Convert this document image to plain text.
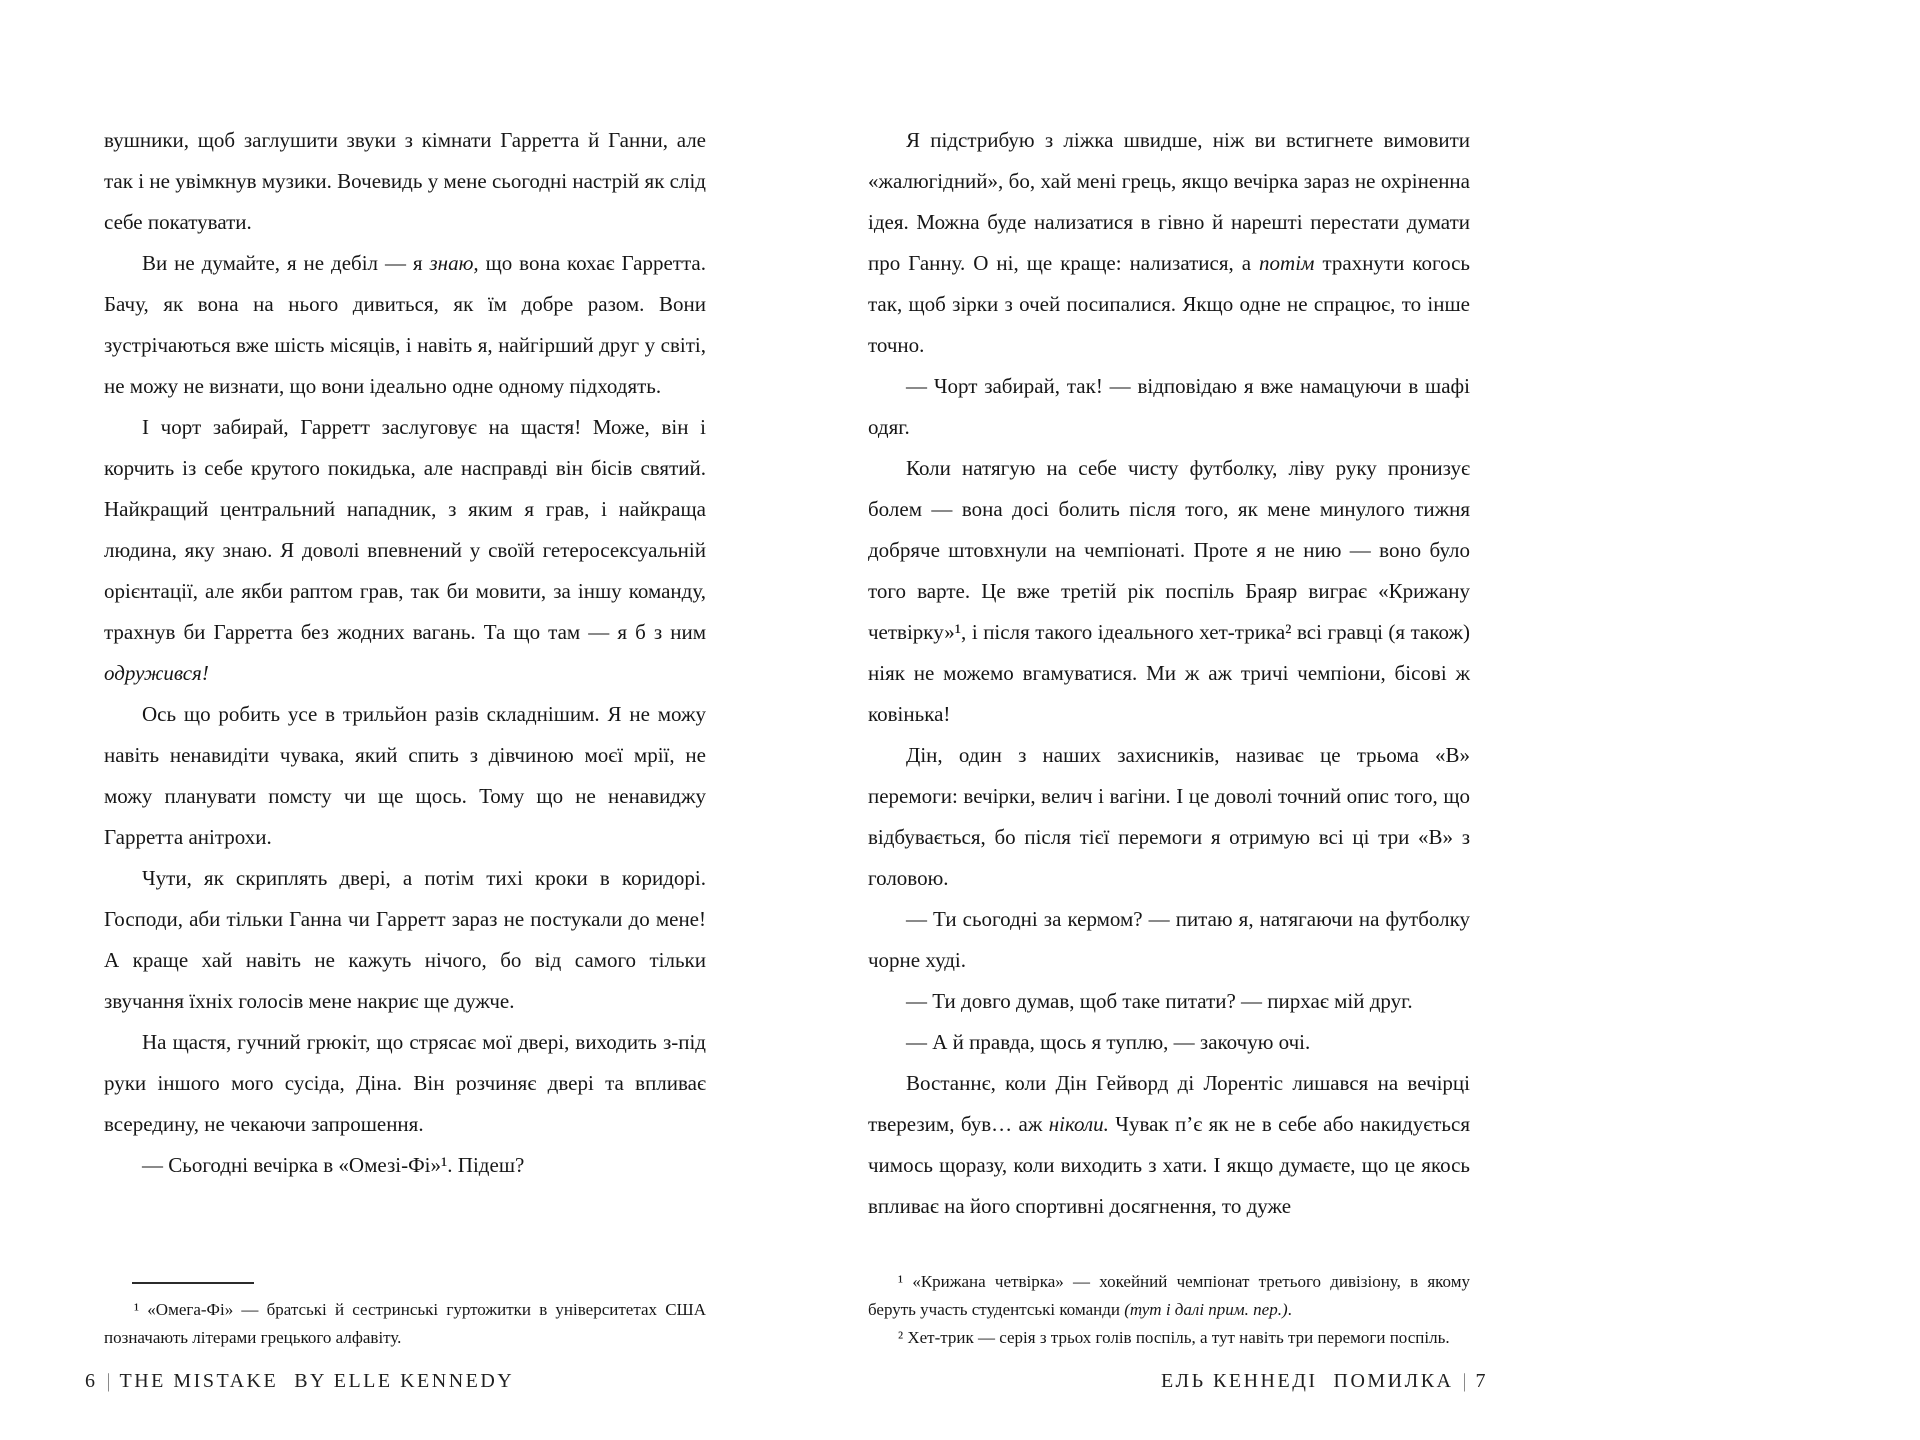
вушники, щоб заглушити звуки з кімнати Гарретта й Ганни, але так і не увімкнув музики. Вочевидь у мене сьогодні настрій як слід себе покатувати.

Ви не думайте, я не дебіл — я знаю, що вона кохає Гарретта. Бачу, як вона на нього дивиться, як їм добре разом. Вони зустрічаються вже шість місяців, і навіть я, найгірший друг у світі, не можу не визнати, що вони ідеально одне одному підходять.

І чорт забирай, Гарретт заслуговує на щастя! Може, він і корчить із себе крутого покидька, але насправді він бісів святий. Найкращий центральний нападник, з яким я грав, і найкраща людина, яку знаю. Я доволі впевнений у своїй гетеросексуальній орієнтації, але якби раптом грав, так би мовити, за іншу команду, трахнув би Гарретта без жодних вагань. Та що там — я б з ним одружився!

Ось що робить усе в трильйон разів складнішим. Я не можу навіть ненавидіти чувака, який спить з дівчиною моєї мрії, не можу планувати помсту чи ще щось. Тому що не ненавиджу Гарретта анітрохи.

Чути, як скриплять двері, а потім тихі кроки в коридорі. Господи, аби тільки Ганна чи Гарретт зараз не постукали до мене! А краще хай навіть не кажуть нічого, бо від самого тільки звучання їхніх голосів мене накриє ще дужче.

На щастя, гучний грюкіт, що стрясає мої двері, виходить з-під руки іншого мого сусіда, Діна. Він розчиняє двері та впливає всередину, не чекаючи запрошення.

— Сьогодні вечірка в «Омезі-Фі»¹. Підеш?

¹ «Омега-Фі» — братські й сестринські гуртожитки в університетах США позначають літерами грецького алфавіту.

Я підстрибую з ліжка швидше, ніж ви встигнете вимовити «жалюгідний», бо, хай мені грець, якщо вечірка зараз не охріненна ідея. Можна буде нализатися в гівно й нарешті перестати думати про Ганну. О ні, ще краще: нализатися, а потім трахнути когось так, щоб зірки з очей посипалися. Якщо одне не спрацює, то інше точно.

— Чорт забирай, так! — відповідаю я вже намацуючи в шафі одяг.

Коли натягую на себе чисту футболку, ліву руку пронизує болем — вона досі болить після того, як мене минулого тижня добряче штовхнули на чемпіонаті. Проте я не нию — воно було того варте. Це вже третій рік поспіль Браяр виграє «Крижану четвірку»¹, і після такого ідеального хет-трика² всі гравці (я також) ніяк не можемо вгамуватися. Ми ж аж тричі чемпіони, бісові ж ковінька!

Дін, один з наших захисників, називає це трьома «В» перемоги: вечірки, велич і вагіни. І це доволі точний опис того, що відбувається, бо після тієї перемоги я отримую всі ці три «В» з головою.

— Ти сьогодні за кермом? — питаю я, натягаючи на футболку чорне худі.

— Ти довго думав, щоб таке питати? — пирхає мій друг.

— А й правда, щось я туплю, — закочую очі.

Востаннє, коли Дін Гейворд ді Лорентіс лишався на вечірці тверезим, був… аж ніколи. Чувак п’є як не в себе або накидується чимось щоразу, коли виходить з хати. І якщо думаєте, що це якось впливає на його спортивні досягнення, то дуже

¹ «Крижана четвірка» — хокейний чемпіонат третього дивізіону, в якому беруть участь студентські команди (тут і далі прим. пер.).

² Хет-трик — серія з трьох голів поспіль, а тут навіть три перемоги поспіль.

6 | THE MISTAKE BY ELLE KENNEDY	ЕЛЬ КЕННЕДІ ПОМИЛКА | 7
